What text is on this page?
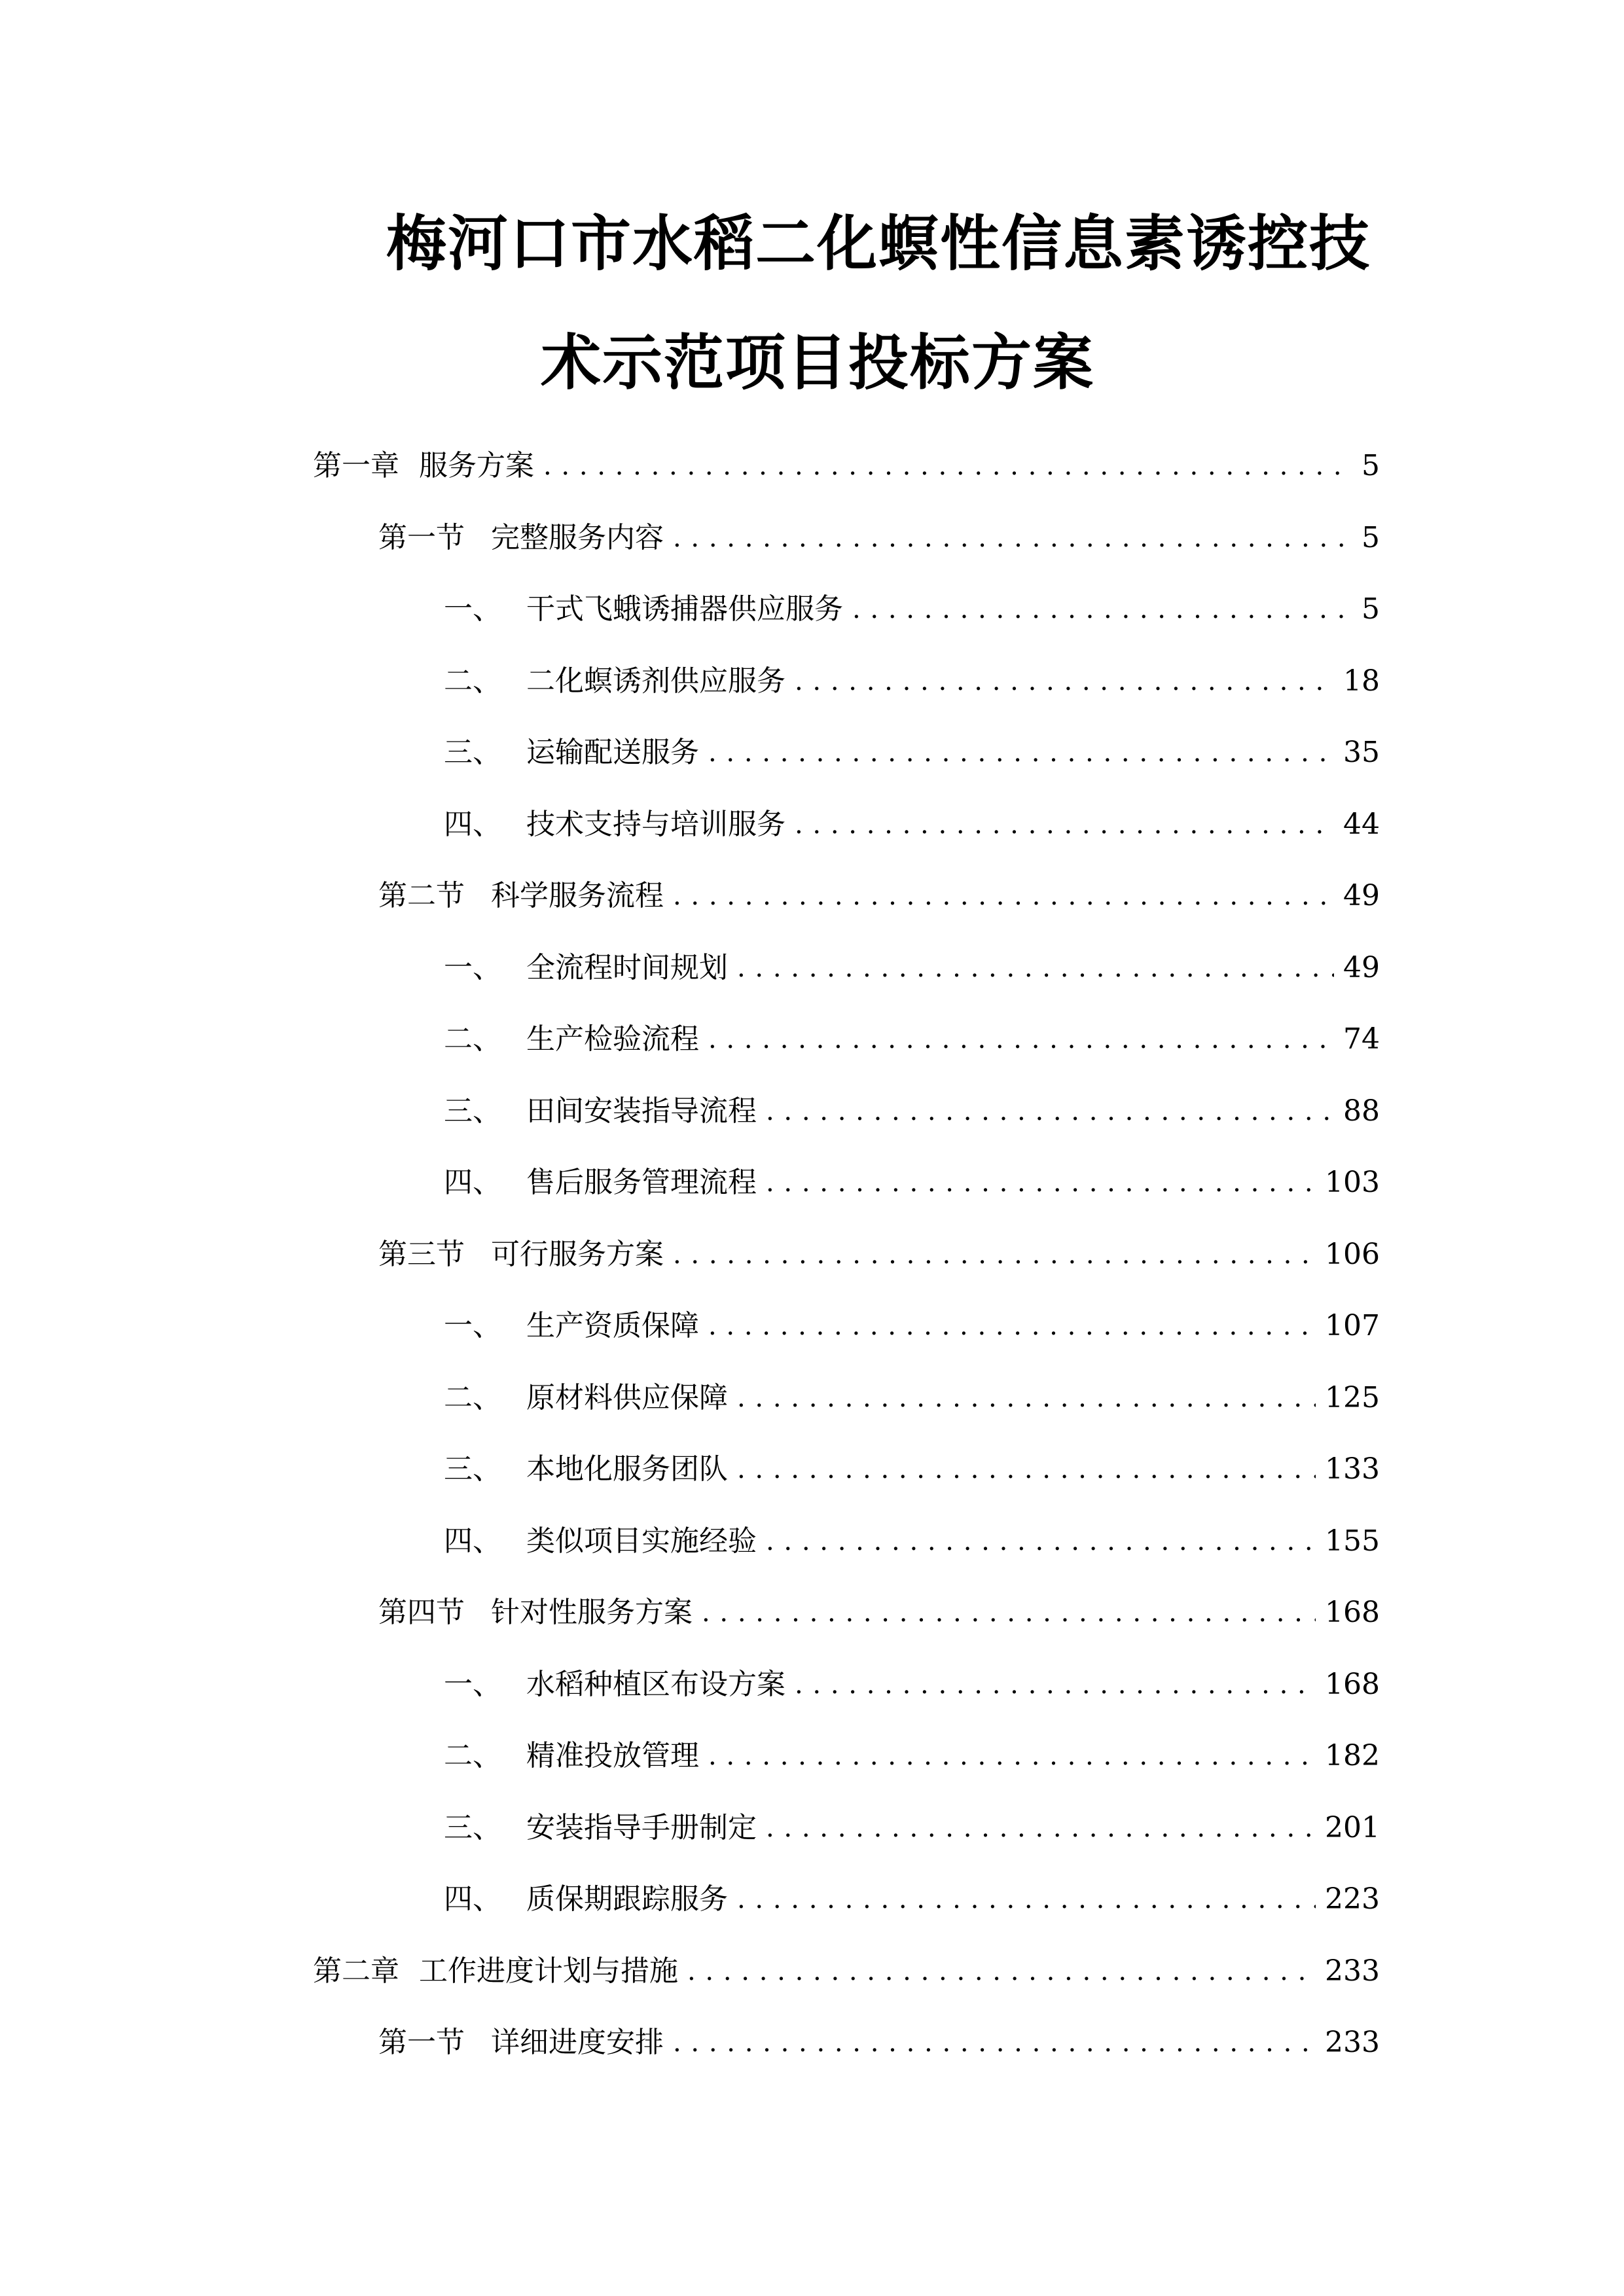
梅河口市水稻二化螟性信息素诱控技
术示范项目投标方案
第一章 服务方案 . . .	5
第一节 完整服务内容 . . .	5
一、 干式飞蛾诱捕器供应服务 . . .	5
二、 二化螟诱剂供应服务 . . .	18
三、 运输配送服务 . . .	35
四、 技术支持与培训服务 . . .	44
第二节 科学服务流程 . . .	49
一、 全流程时间规划 . . .	49
二、 生产检验流程 . . .	74
三、 田间安装指导流程 . . .	88
四、 售后服务管理流程 . . .	103
第三节 可行服务方案 . . .	106
一、 生产资质保障 . . .	107
二、 原材料供应保障 . . .	125
三、 本地化服务团队 . . .	133
四、 类似项目实施经验 . . .	155
第四节 针对性服务方案 . . .	168
一、 水稻种植区布设方案 . . .	168
二、 精准投放管理 . . .	182
三、 安装指导手册制定 . . .	201
四、 质保期跟踪服务 . . .	223
第二章 工作进度计划与措施 . . .	233
第一节 详细进度安排 . . .	233
